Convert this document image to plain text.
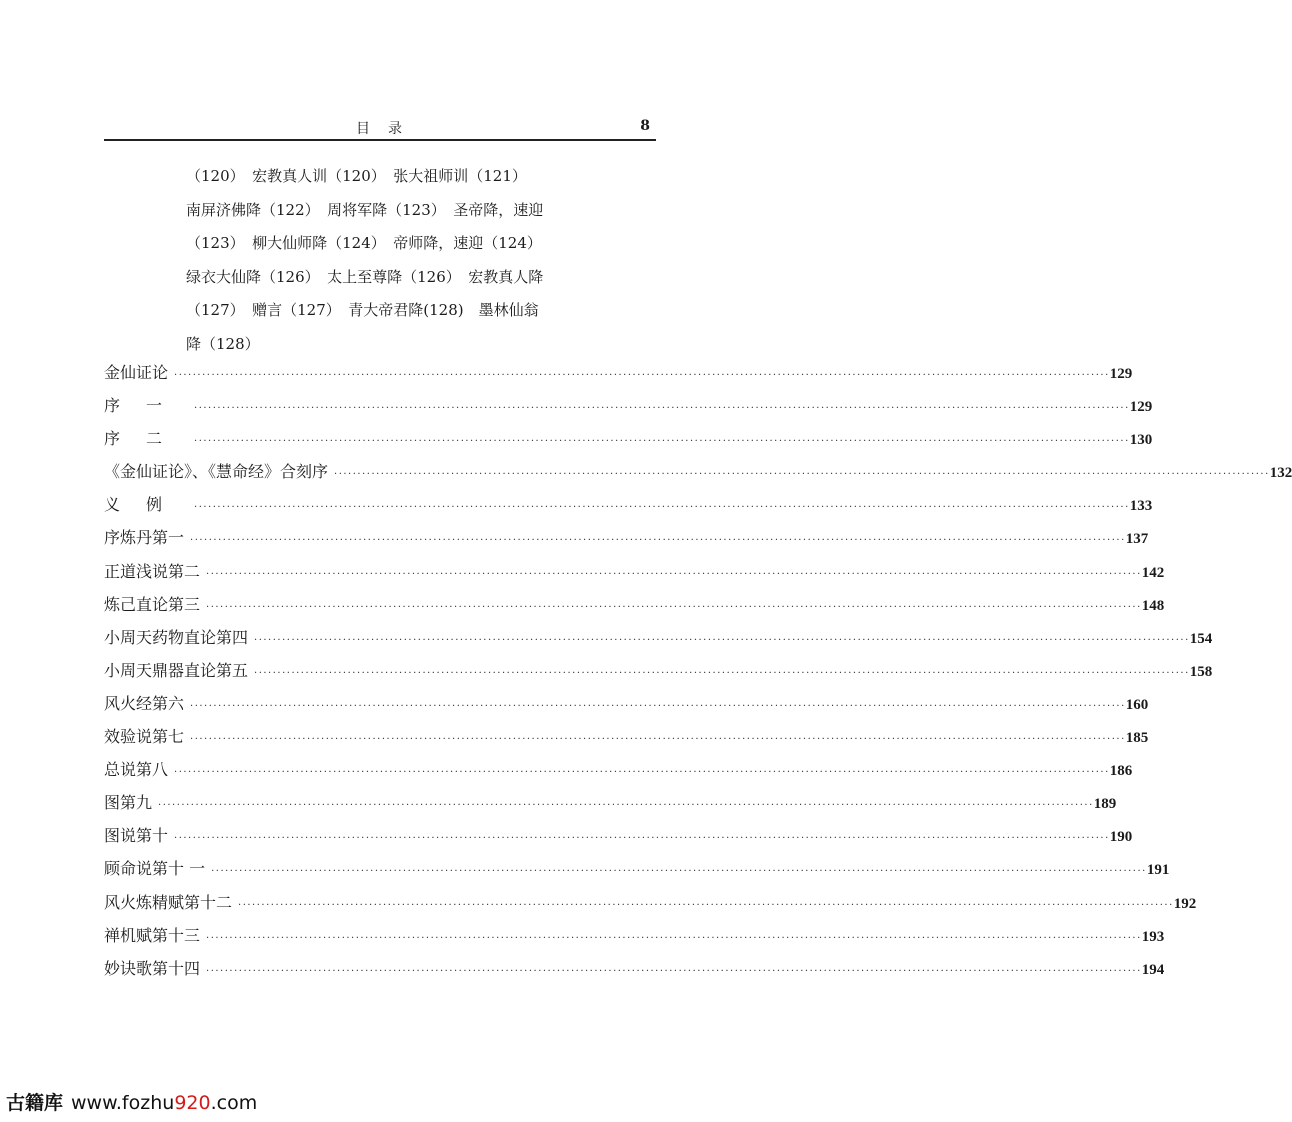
目录	8
（120）　宏教真人训（120）　张大祖师训（121）
南屏济佛降（122）　周将军降（123）　圣帝降，速迎
（123）　柳大仙师降（124）　帝师降，速迎（124）
绿衣大仙降（126）　太上至尊降（126）　宏教真人降
（127）　赠言（127）　青大帝君降(128)　墨林仙翁
降（128）
金仙证论 ········································································································································································································ 129
序一 ········································································································································································································ 129
序二 ········································································································································································································ 130
《金仙证论》、《慧命经》合刻序 ········································································································································································································ 132
义例 ········································································································································································································ 133
序炼丹第一 ········································································································································································································ 137
正道浅说第二 ········································································································································································································ 142
炼己直论第三 ········································································································································································································ 148
小周天药物直论第四 ········································································································································································································ 154
小周天鼎器直论第五 ········································································································································································································ 158
风火经第六 ········································································································································································································ 160
效验说第七 ········································································································································································································ 185
总说第八 ········································································································································································································ 186
图第九 ········································································································································································································ 189
图说第十 ········································································································································································································ 190
顾命说第十 一 ········································································································································································································ 191
风火炼精赋第十二 ········································································································································································································ 192
禅机赋第十三 ········································································································································································································ 193
妙诀歌第十四 ········································································································································································································ 194
古籍库 www.fozhu920.com
